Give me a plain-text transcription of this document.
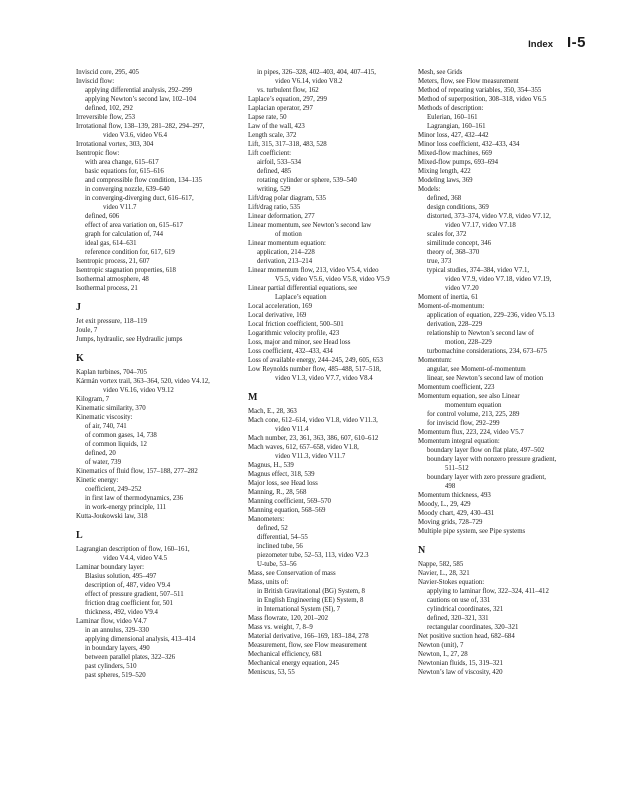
Index I-5
Inviscid core, 295, 405
Inviscid flow:
applying differential analysis, 292–299
applying Newton’s second law, 102–104
defined, 102, 292
Irreversible flow, 253
Irrotational flow, 138–139, 281–282, 294–297,
video V3.6, video V6.4
Irrotational vortex, 303, 304
Isentropic flow:
with area change, 615–617
basic equations for, 615–616
and compressible flow condition, 134–135
in converging nozzle, 639–640
in converging-diverging duct, 616–617,
video V11.7
defined, 606
effect of area variation on, 615–617
graph for calculation of, 744
ideal gas, 614–631
reference condition for, 617, 619
Isentropic process, 21, 607
Isentropic stagnation properties, 618
Isothermal atmosphere, 48
Isothermal process, 21
J
Jet exit pressure, 118–119
Joule, 7
Jumps, hydraulic, see Hydraulic jumps
K
Kaplan turbines, 704–705
Kármán vortex trail, 363–364, 520, video V4.12,
video V6.16, video V9.12
Kilogram, 7
Kinematic similarity, 370
Kinematic viscosity:
of air, 740, 741
of common gases, 14, 738
of common liquids, 12
defined, 20
of water, 739
Kinematics of fluid flow, 157–188, 277–282
Kinetic energy:
coefficient, 249–252
in first law of thermodynamics, 236
in work-energy principle, 111
Kutta-Joukowski law, 318
L
Lagrangian description of flow, 160–161,
video V4.4, video V4.5
Laminar boundary layer:
Blasius solution, 495–497
description of, 487, video V9.4
effect of pressure gradient, 507–511
friction drag coefficient for, 501
thickness, 492, video V9.4
Laminar flow, video V4.7
in an annulus, 329–330
applying dimensional analysis, 413–414
in boundary layers, 490
between parallel plates, 322–326
past cylinders, 510
past spheres, 519–520
in pipes, 326–328, 402–403, 404, 407–415,
video V6.14, video V8.2
vs. turbulent flow, 162
Laplace’s equation, 297, 299
Laplacian operator, 297
Lapse rate, 50
Law of the wall, 423
Length scale, 372
Lift, 315, 317–318, 483, 528
Lift coefficient:
airfoil, 533–534
defined, 485
rotating cylinder or sphere, 539–540
writing, 529
Lift/drag polar diagram, 535
Lift/drag ratio, 535
Linear deformation, 277
Linear momentum, see Newton’s second law
of motion
Linear momentum equation:
application, 214–228
derivation, 213–214
Linear momentum flow, 213, video V5.4, video
V5.5, video V5.6, video V5.8, video V5.9
Linear partial differential equations, see
Laplace’s equation
Local acceleration, 169
Local derivative, 169
Local friction coefficient, 500–501
Logarithmic velocity profile, 423
Loss, major and minor, see Head loss
Loss coefficient, 432–433, 434
Loss of available energy, 244–245, 249, 605, 653
Low Reynolds number flow, 485–488, 517–518,
video V1.3, video V7.7, video V8.4
M
Mach, E., 28, 363
Mach cone, 612–614, video V1.8, video V11.3,
video V11.4
Mach number, 23, 361, 363, 386, 607, 610–612
Mach waves, 612, 657–658, video V1.8,
video V11.3, video V11.7
Magnus, H., 539
Magnus effect, 318, 539
Major loss, see Head loss
Manning, R., 28, 568
Manning coefficient, 569–570
Manning equation, 568–569
Manometers:
defined, 52
differential, 54–55
inclined tube, 56
piezometer tube, 52–53, 113, video V2.3
U-tube, 53–56
Mass, see Conservation of mass
Mass, units of:
in British Gravitational (BG) System, 8
in English Engineering (EE) System, 8
in International System (SI), 7
Mass flowrate, 120, 201–202
Mass vs. weight, 7, 8–9
Material derivative, 166–169, 183–184, 278
Measurement, flow, see Flow measurement
Mechanical efficiency, 681
Mechanical energy equation, 245
Meniscus, 53, 55
Mesh, see Grids
Meters, flow, see Flow measurement
Method of repeating variables, 350, 354–355
Method of superposition, 308–318, video V6.5
Methods of description:
Eulerian, 160–161
Lagrangian, 160–161
Minor loss, 427, 432–442
Minor loss coefficient, 432–433, 434
Mixed-flow machines, 669
Mixed-flow pumps, 693–694
Mixing length, 422
Modeling laws, 369
Models:
defined, 368
design conditions, 369
distorted, 373–374, video V7.8, video V7.12,
video V7.17, video V7.18
scales for, 372
similitude concept, 346
theory of, 368–370
true, 373
typical studies, 374–384, video V7.1,
video V7.9, video V7.18, video V7.19,
video V7.20
Moment of inertia, 61
Moment-of-momentum:
application of equation, 229–236, video V5.13
derivation, 228–229
relationship to Newton’s second law of
motion, 228–229
turbomachine considerations, 234, 673–675
Momentum:
angular, see Moment-of-momentum
linear, see Newton’s second law of motion
Momentum coefficient, 223
Momentum equation, see also Linear
momentum equation
for control volume, 213, 225, 289
for inviscid flow, 292–299
Momentum flux, 223, 224, video V5.7
Momentum integral equation:
boundary layer flow on flat plate, 497–502
boundary layer with nonzero pressure gradient,
511–512
boundary layer with zero pressure gradient,
498
Momentum thickness, 493
Moody, L., 29, 429
Moody chart, 429, 430–431
Moving grids, 728–729
Multiple pipe system, see Pipe systems
N
Nappe, 582, 585
Navier, L., 28, 321
Navier-Stokes equation:
applying to laminar flow, 322–324, 411–412
cautions on use of, 331
cylindrical coordinates, 321
defined, 320–321, 331
rectangular coordinates, 320–321
Net positive suction head, 682–684
Newton (unit), 7
Newton, I., 27, 28
Newtonian fluids, 15, 319–321
Newton’s law of viscosity, 420
